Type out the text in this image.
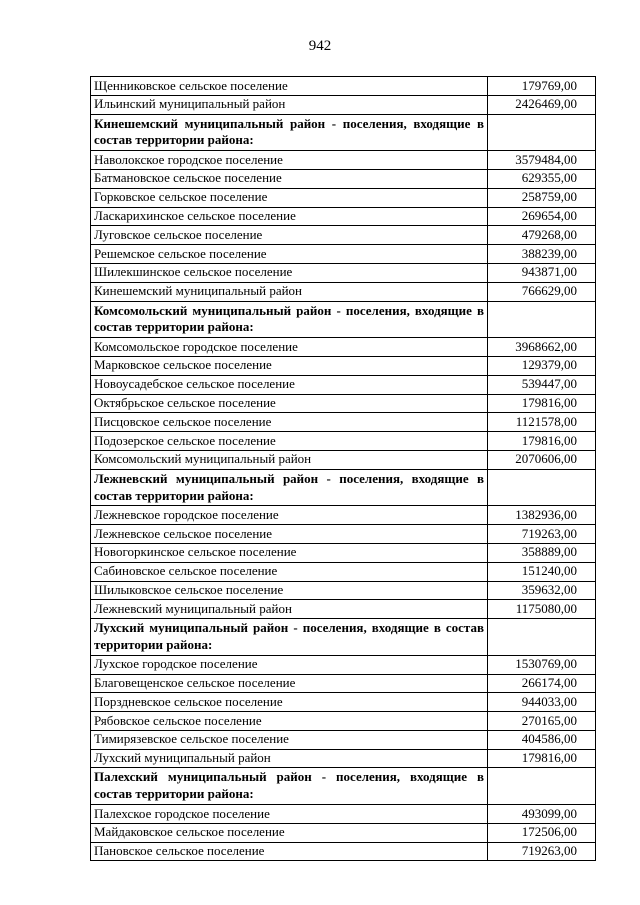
942
Щенниковское сельское поселение	179769,00
Ильинский муниципальный район	2426469,00
Кинешемский муниципальный район - поселения, входящие в состав территории района:	
Наволокское городское поселение	3579484,00
Батмановское сельское поселение	629355,00
Горковское сельское поселение	258759,00
Ласкарихинское сельское поселение	269654,00
Луговское сельское поселение	479268,00
Решемское сельское поселение	388239,00
Шилекшинское сельское поселение	943871,00
Кинешемский муниципальный район	766629,00
Комсомольский муниципальный район - поселения, входящие в состав территории района:	
Комсомольское городское поселение	3968662,00
Марковское сельское поселение	129379,00
Новоусадебское сельское поселение	539447,00
Октябрьское сельское поселение	179816,00
Писцовское сельское поселение	1121578,00
Подозерское сельское поселение	179816,00
Комсомольский муниципальный район	2070606,00
Лежневский муниципальный район - поселения, входящие в состав территории района:	
Лежневское городское поселение	1382936,00
Лежневское сельское поселение	719263,00
Новогоркинское сельское поселение	358889,00
Сабиновское сельское поселение	151240,00
Шилыковское сельское поселение	359632,00
Лежневский муниципальный район	1175080,00
Лухский муниципальный район - поселения, входящие в состав территории района:	
Лухское городское поселение	1530769,00
Благовещенское сельское поселение	266174,00
Порздневское сельское поселение	944033,00
Рябовское сельское поселение	270165,00
Тимирязевское сельское поселение	404586,00
Лухский муниципальный район	179816,00
Палехский муниципальный район - поселения, входящие в состав территории района:	
Палехское городское поселение	493099,00
Майдаковское сельское поселение	172506,00
Пановское сельское поселение	719263,00
